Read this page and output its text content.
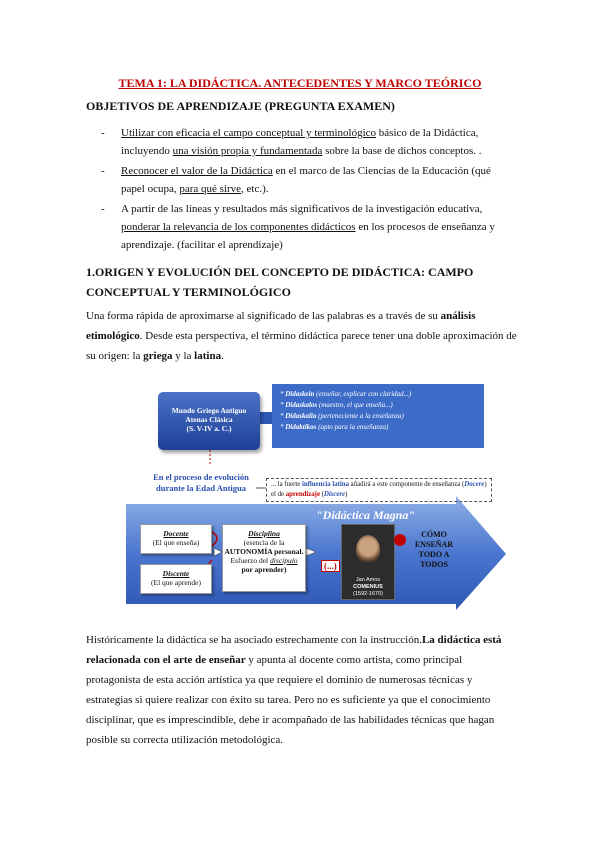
TEMA 1: LA DIDÁCTICA. ANTECEDENTES Y MARCO TEÓRICO
OBJETIVOS DE APRENDIZAJE (PREGUNTA EXAMEN)
- Utilizar con eficacia el campo conceptual y terminológico básico de la Didáctica, incluyendo una visión propia y fundamentada sobre la base de dichos conceptos. .
- Reconocer el valor de la Didáctica en el marco de las Ciencias de la Educación (qué papel ocupa, para qué sirve, etc.).
- A partir de las líneas y resultados más significativos de la investigación educativa, ponderar la relevancia de los componentes didácticos en los procesos de enseñanza y aprendizaje. (facilitar el aprendizaje)
1.ORIGEN Y EVOLUCIÓN DEL CONCEPTO DE DIDÁCTICA: CAMPO CONCEPTUAL Y TERMINOLÓGICO

Una forma rápida de aproximarse al significado de las palabras es a través de su análisis etimológico. Desde esta perspectiva, el término didáctica parece tener una doble aproximación de su origen: la griega y la latina.

Mundo Griego Antiguo
Atenas Clásica
(S. V-IV a. C.)
* Didaskein (enseñar, explicar con claridad...)
* Didaskalos (maestro, el que enseña...)
* Didaskalia (perteneciente a la enseñanza)
* Didaktikos (apto para la enseñanza)
En el proceso de evolución durante la Edad Antigua	... la fuerte influencia latina añadirá a este componente de enseñanza (Docere) el de aprendizaje (Discere)
"Didáctica Magna"
Docente
(El que enseña)
Discente
(El que aprende)
Disciplina
(esencia de la
AUTONOMÍA personal.
Esfuerzo del discípulo
por aprender)	(...)
Jan Amos
COMENIUS
(1592-1670)
CÓMO
ENSEÑAR
TODO A
TODOS

Históricamente la didáctica se ha asociado estrechamente con la instrucción.La didáctica está relacionada con el arte de enseñar y apunta al docente como artista, como principal protagonista de esta acción artística ya que requiere el dominio de numerosas técnicas y estrategias si quiere realizar con éxito su tarea. Pero no es suficiente ya que el conocimiento disciplinar, que es imprescindible, debe ir acompañado de las habilidades técnicas que hagan posible su correcta utilización metodológica.
